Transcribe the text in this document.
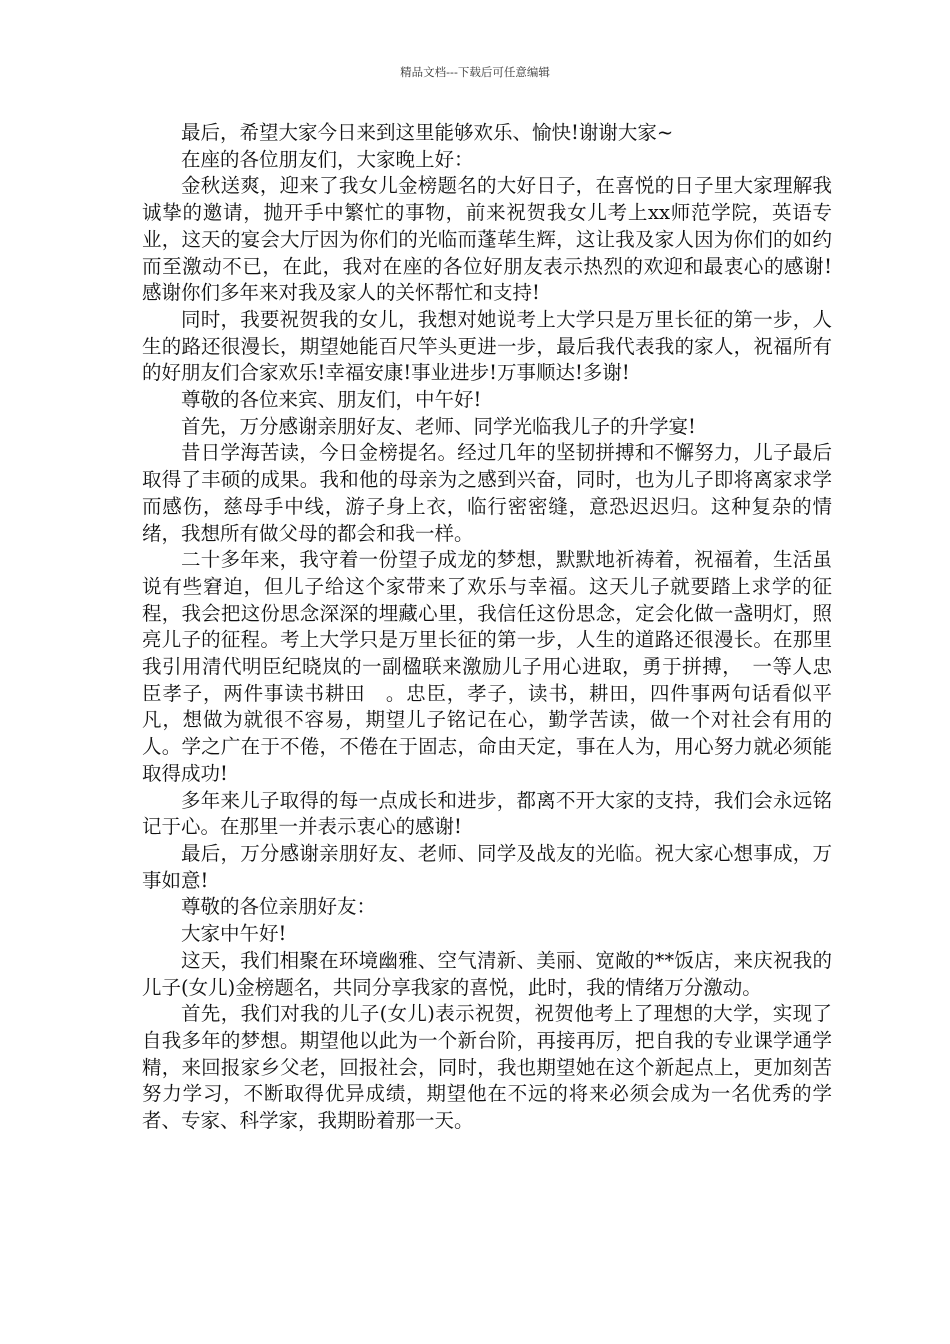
精品文档---下载后可任意编辑

最后，希望大家今日来到这里能够欢乐、愉快!谢谢大家~

在座的各位朋友们，大家晚上好：

金秋送爽，迎来了我女儿金榜题名的大好日子，在喜悦的日子里大家理解我诚挚的邀请，抛开手中繁忙的事物，前来祝贺我女儿考上xx师范学院，英语专业，这天的宴会大厅因为你们的光临而蓬荜生辉，这让我及家人因为你们的如约而至激动不已，在此，我对在座的各位好朋友表示热烈的欢迎和最衷心的感谢!感谢你们多年来对我及家人的关怀帮忙和支持!

同时，我要祝贺我的女儿，我想对她说考上大学只是万里长征的第一步，人生的路还很漫长，期望她能百尺竿头更进一步，最后我代表我的家人，祝福所有的好朋友们合家欢乐!幸福安康!事业进步!万事顺达!多谢!

尊敬的各位来宾、朋友们，中午好!

首先，万分感谢亲朋好友、老师、同学光临我儿子的升学宴!

昔日学海苦读，今日金榜提名。经过几年的坚韧拼搏和不懈努力，儿子最后取得了丰硕的成果。我和他的母亲为之感到兴奋，同时，也为儿子即将离家求学而感伤，慈母手中线，游子身上衣，临行密密缝，意恐迟迟归。这种复杂的情绪，我想所有做父母的都会和我一样。

二十多年来，我守着一份望子成龙的梦想，默默地祈祷着，祝福着，生活虽说有些窘迫，但儿子给这个家带来了欢乐与幸福。这天儿子就要踏上求学的征程，我会把这份思念深深的埋藏心里，我信任这份思念，定会化做一盏明灯，照亮儿子的征程。考上大学只是万里长征的第一步，人生的道路还很漫长。在那里我引用清代明臣纪晓岚的一副楹联来激励儿子用心进取，勇于拼搏，　一等人忠臣孝子，两件事读书耕田　。忠臣，孝子，读书，耕田，四件事两句话看似平凡，想做为就很不容易，期望儿子铭记在心，勤学苦读，做一个对社会有用的人。学之广在于不倦，不倦在于固志，命由天定，事在人为，用心努力就必须能取得成功!

多年来儿子取得的每一点成长和进步，都离不开大家的支持，我们会永远铭记于心。在那里一并表示衷心的感谢!

最后，万分感谢亲朋好友、老师、同学及战友的光临。祝大家心想事成，万事如意!

尊敬的各位亲朋好友：

大家中午好!

这天，我们相聚在环境幽雅、空气清新、美丽、宽敞的**饭店，来庆祝我的儿子(女儿)金榜题名，共同分享我家的喜悦，此时，我的情绪万分激动。

首先，我们对我的儿子(女儿)表示祝贺，祝贺他考上了理想的大学，实现了自我多年的梦想。期望他以此为一个新台阶，再接再厉，把自我的专业课学通学精，来回报家乡父老，回报社会，同时，我也期望她在这个新起点上，更加刻苦努力学习，不断取得优异成绩，期望他在不远的将来必须会成为一名优秀的学者、专家、科学家，我期盼着那一天。
